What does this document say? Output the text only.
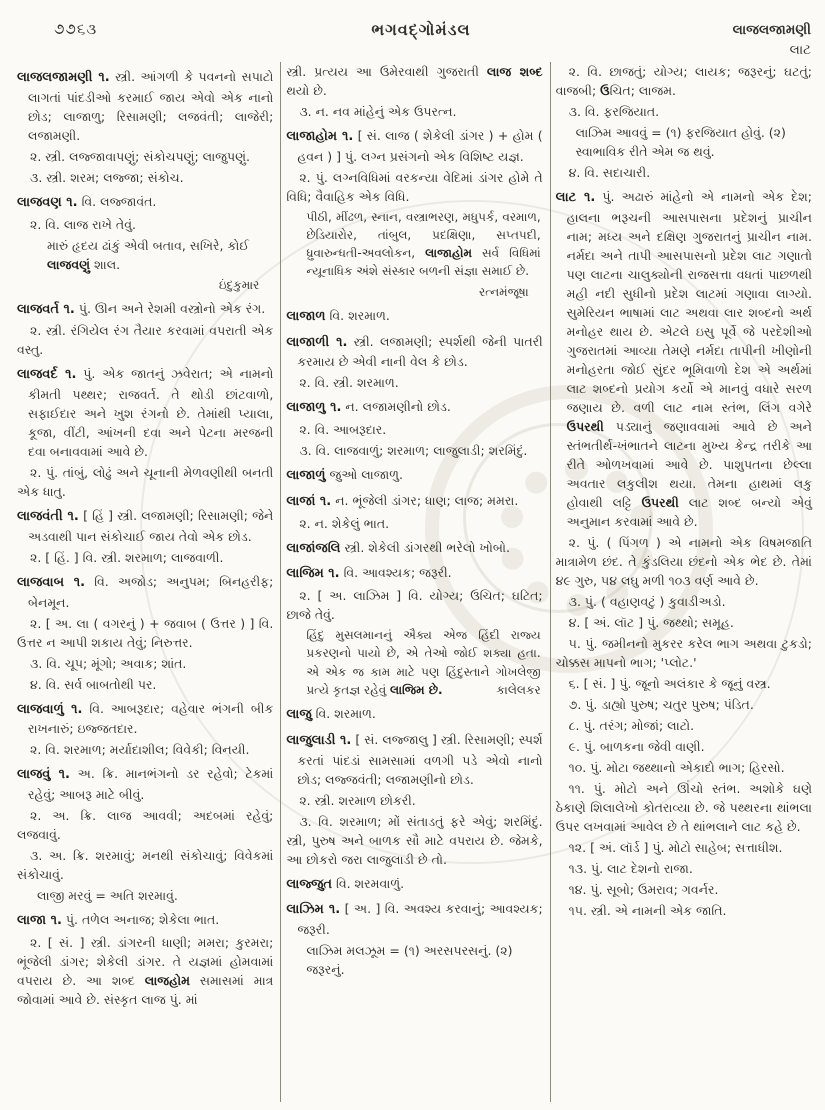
૭૭૬૩	ભગવદ્ગોમંડલ	લાજલજામણી
લાટ

લાજલજામણી ૧. સ્ત્રી. આંગળી કે પવનનો સપાટો લાગતાં પાંદડીઓ કરમાઈ જાય એવો એક નાનો છોડ; લાજાળુ; રિસામણી; લજવંતી; લાજેરી; લજામણી.

૨. સ્ત્રી. લજ્જાવાપણું; સંકોચપણું; લાજુપણું.

૩. સ્ત્રી. શરમ; લજ્જા; સંકોચ.

લાજવણ ૧. વિ. લજ્જાવંત.

૨. વિ. લાજ રાખે તેવું.

મારું હૃદય ઢાંકું એવી બતાવ, સખિરે, કોઈ લાજવણું શાલ.

ઇંદુકુમાર

લાજવર્ત ૧. પું. ઊન અને રેશમી વસ્ત્રોનો એક રંગ.

૨. સ્ત્રી. રંગિયેલ રંગ તૈયાર કરવામાં વપરાતી એક વસ્તુ.

લાજવર્દ ૧. પું. એક જાતનું ઝવેરાત; એ નામનો કીમતી પથ્થર; રાજવર્ત. તે થોડી છાંટવાળો, સફાઈદાર અને ખુશ રંગનો છે. તેમાંથી પ્યાલા, કૂજા, વીંટી, આંખની દવા અને પેટના મરજની દવા બનાવવામાં આવે છે.

૨. પું. તાંબું, લોઢું અને ચૂનાની મેળવણીથી બનતી એક ધાતુ.

લાજવંતી ૧. [ હિં ] સ્ત્રી. લજામણી; રિસામણી; જેને અડવાથી પાન સંકોચાઈ જાય તેવો એક છોડ.

૨. [ હિં. ] વિ. સ્ત્રી. શરમાળ; લાજવાળી.

લાજવાબ ૧. વિ. અજોડ; અનુપમ; બિનહરીફ; બેનમૂન.

૨. [ અ. લા ( વગરનું ) + જવાબ ( ઉત્તર ) ] વિ. ઉત્તર ન આપી શકાય તેવું; નિરુત્તર.

૩. વિ. ચૂપ; મૂંગો; અવાક; શાંત.

૪. વિ. સર્વ બાબતોથી પર.

લાજવાળું ૧. વિ. આબરૂદાર; વહેવાર ભંગની બીક રાખનારું; ઇજ્જતદાર.

૨. વિ. શરમાળ; મર્યાદાશીલ; વિવેકી; વિનયી.

લાજવું ૧. અ. ક્રિ. માનભંગનો ડર રહેવો; ટેકમાં રહેવું; આબરૂ માટે બીવું.

૨. અ. ક્રિ. લાજ આવવી; અદબમાં રહેવું; લજવાવું.

૩. અ. ક્રિ. શરમાવું; મનથી સંકોચાવું; વિવેકમાં સંકોચાવું.

લાજી મરવું = અતિ શરમાવું.

લાજા ૧. પું. તળેલ અનાજ; શેકેલા ભાત.

૨. [ સં. ] સ્ત્રી. ડાંગરની ધાણી; મમરા; કુરમરા; ભૂંજેલી ડાંગર; શેકેલી ડાંગર. તે યજ્ઞમાં હોમવામાં વપરાય છે. આ શબ્દ લાજહોમ સમાસમાં માત્ર જોવામાં આવે છે. સંસ્કૃત લાજ પું. માં

સ્ત્રી. પ્રત્યય આ ઉમેરવાથી ગુજરાતી લાજ શબ્દ થયો છે.

૩. ન. નવ માંહેનું એક ઉપરત્ન.

લાજાહોમ ૧. [ સં. લાજ ( શેકેલી ડાંગર ) + હોમ ( હવન ) ] પું. લગ્ન પ્રસંગનો એક વિશિષ્ટ યજ્ઞ.

૨. પું. લગ્નવિધિમાં વરકન્યા વેદિમાં ડાંગર હોમે તે વિધિ; વૈવાહિક એક વિધિ.

પીઠી, મીંઢળ, સ્નાન, વસ્ત્રાભરણ, મધુપર્ક, વરમાળ, છેડિયારોર, તાંબુલ, પ્રદક્ષિણા, સપ્તપદી, ધ્રુવારુન્ધતી-અવલોકન, લાજાહોમ સર્વ વિધિમાં ન્યૂનાધિક અંશે સંસ્કાર બળની સંજ્ઞા સમાઈ છે.

રત્નમંજૂષા

લાજાળ વિ. શરમાળ.

લાજાળી ૧. સ્ત્રી. લજામણી; સ્પર્શથી જેની પાતરી કરમાય છે એવી નાની વેલ કે છોડ.

૨. વિ. સ્ત્રી. શરમાળ.

લાજાળુ ૧. ન. લજામણીનો છોડ.

૨. વિ. આબરૂદાર.

૩. વિ. લાજવાળું; શરમાળ; લાજુલાડી; શરમિંદું.

લાજાળું જુઓ લાજાળુ.

લાજાં ૧. ન. ભૂંજેલી ડાંગર; ધાણ; લાજ; મમરા.

૨. ન. શેકેલું ભાત.

લાજાંજલિ સ્ત્રી. શેકેલી ડાંગરથી ભરેલો ખોબો.

લાજિમ ૧. વિ. આવશ્યક; જરૂરી.

૨. [ અ. લાઝિમ ] વિ. યોગ્ય; ઉચિત; ઘટિત; છાજે તેવું.

હિંદુ મુસલમાનનું ઐક્ય એજ હિંદી રાજ્ય પ્રકરણનો પાયો છે, એ તેઓ જોઈ શક્યા હતા. એ એક જ કામ માટે પણ હિંદુસ્તાને ગોખલેજી પ્રત્યે કૃતજ્ઞ રહેવું લાજિમ છે.	કાલેલકર

લાજુ વિ. શરમાળ.

લાજુલાડી ૧. [ સં. લજ્જાલુ ] સ્ત્રી. રિસામણી; સ્પર્શ કરતાં પાંદડાં સામસામાં વળગી પડે એવો નાનો છોડ; લજ્જવંતી; લજામણીનો છોડ.

૨. સ્ત્રી. શરમાળ છોકરી.

૩. વિ. શરમાળ; મોં સંતાડતું ફરે એવું; શરમિંદું. સ્ત્રી, પુરુષ અને બાળક સૌ માટે વપરાય છે. જેમકે, આ છોકરો જરા લાજુલાડી છે તો.

લાજ્જુત વિ. શરમવાળું.

લાઝિમ ૧. [ અ. ] વિ. અવશ્ય કરવાનું; આવશ્યક; જરૂરી.

લાઝિમ મલઝૂમ = (૧) અરસપરસનું. (૨) જરૂરનું.

૨. વિ. છાજતું; યોગ્ય; લાયક; જરૂરનું; ઘટતું; વાજબી; ઉચિત; લાજમ.

૩. વિ. ફરજિયાત.

લાઝિમ આવવું = (૧) ફરજિયાત હોવું. (૨) સ્વાભાવિક રીતે એમ જ થવું.

૪. વિ. સદાચારી.

લાટ ૧. પું. અઢારું માંહેનો એ નામનો એક દેશ; હાલના ભરૂચની આસપાસના પ્રદેશનું પ્રાચીન નામ; મધ્ય અને દક્ષિણ ગુજરાતનું પ્રાચીન નામ. નર્મદા અને તાપી આસપાસનો પ્રદેશ લાટ ગણાતો પણ લાટના ચાલુક્યોની રાજસત્તા વધતાં પાછળથી મહી નદી સુધીનો પ્રદેશ લાટમાં ગણાવા લાગ્યો. સુમેરિયન ભાષામાં લાટ અથવા લાર શબ્દનો અર્થ મનોહર થાય છે. એટલે ઇસુ પૂર્વે જે પરદેશીઓ ગુજરાતમાં આવ્યા તેમણે નર્મદા તાપીની ખીણોની મનોહરતા જોઈ સુંદર ભૂમિવાળો દેશ એ અર્થમાં લાટ શબ્દનો પ્રયોગ કર્યો એ માનવું વધારે સરળ જણાય છે. વળી લાટ નામ સ્તંભ, લિંગ વગેરે ઉપરથી પડ્યાનું જણાવવામાં આવે છે અને સ્તંભતીર્થ-ખંભાતને લાટના મુખ્ય કેન્દ્ર તરીકે આ રીતે ઓળખવામાં આવે છે. પાશુપતના છેલ્લા અવતાર લકુલીશ થયા. તેમના હાથમાં લકુ હોવાથી લટ્ટિ ઉપરથી લાટ શબ્દ બન્યો એવું અનુમાન કરવામાં આવે છે.

૨. પું. ( પિંગળ ) એ નામનો એક વિષમજાતિ માત્રામેળ છંદ. તે કુંડલિયા છંદનો એક ભેદ છે. તેમાં ૪૯ ગુરુ, ૫૪ લઘુ મળી ૧૦૩ વર્ણ આવે છે.

૩. પું. ( વહાણવટું ) કુવાડીઅડો.

૪. [ અં. લૉટ ] પું. જથ્થો; સમૂહ.

૫. પું. જમીનનો મુકરર કરેલ ભાગ અથવા ટુકડો; ચોક્કસ માપનો ભાગ; 'પ્લોટ.'

૬. [ સં. ] પું. જૂનો અલંકાર કે જૂનું વસ્ત્ર.

૭. પું. ડાહ્યો પુરુષ; ચતુર પુરુષ; પંડિત.

૮. પું. તરંગ; મોજાં; લાટો.

૯. પું. બાળકના જેવી વાણી.

૧૦. પું. મોટા જથ્થાનો એકાદો ભાગ; હિરસો.

૧૧. પું. મોટો અને ઊંચો સ્તંભ. અશોકે ઘણે ઠેકાણે શિલાલેખો કોતરાવ્યા છે. જે પથ્થરના થાંભલા ઉપર લખવામાં આવેલ છે તે થાંભલાને લાટ કહે છે.

૧૨. [ અં. લૉર્ડ ] પું. મોટો સાહેબ; સત્તાધીશ.

૧૩. પું. લાટ દેશનો રાજા.

૧૪. પું. સૂબો; ઉમરાવ; ગવર્નર.

૧૫. સ્ત્રી. એ નામની એક જાતિ.
